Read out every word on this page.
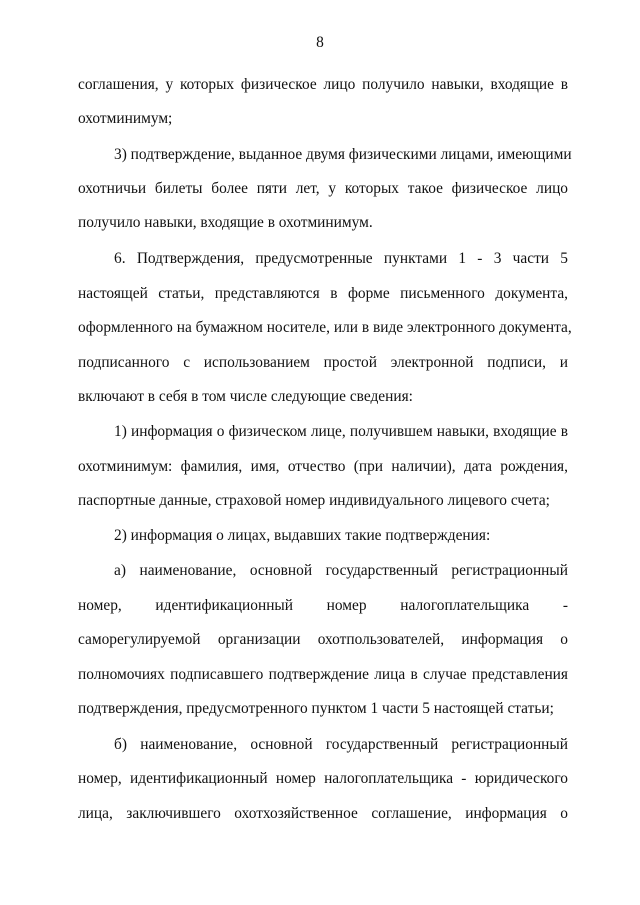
8
соглашения, у которых физическое лицо получило навыки, входящие в
охотминимум;
3) подтверждение, выданное двумя физическими лицами, имеющими
охотничьи билеты более пяти лет, у которых такое физическое лицо
получило навыки, входящие в охотминимум.
6. Подтверждения, предусмотренные пунктами 1 - 3 части 5
настоящей статьи, представляются в форме письменного документа,
оформленного на бумажном носителе, или в виде электронного документа,
подписанного с использованием простой электронной подписи, и
включают в себя в том числе следующие сведения:
1) информация о физическом лице, получившем навыки, входящие в
охотминимум: фамилия, имя, отчество (при наличии), дата рождения,
паспортные данные, страховой номер индивидуального лицевого счета;
2) информация о лицах, выдавших такие подтверждения:
а) наименование, основной государственный регистрационный
номер, идентификационный номер налогоплательщика -
саморегулируемой организации охотпользователей, информация о
полномочиях подписавшего подтверждение лица в случае представления
подтверждения, предусмотренного пунктом 1 части 5 настоящей статьи;
б) наименование, основной государственный регистрационный
номер, идентификационный номер налогоплательщика - юридического
лица, заключившего охотхозяйственное соглашение, информация о
